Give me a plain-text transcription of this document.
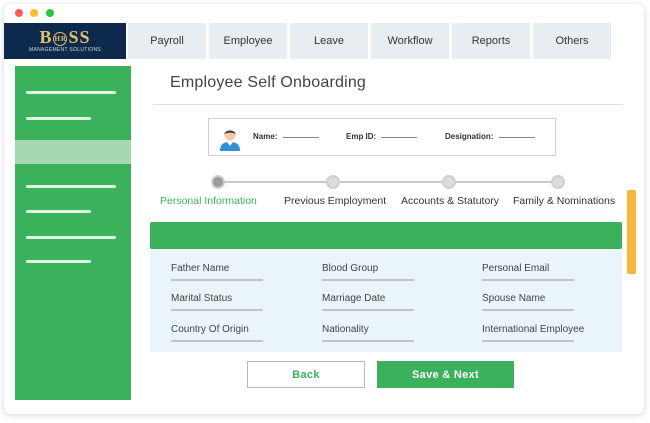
B HRSS
MANAGEMENT SOLUTIONS
Payroll	Employee	Leave	Workflow	Reports	Others
Employee Self Onboarding
Name:	Emp ID:	Designation:
Personal Information	Previous Employment Accounts & Statutory Family & Nominations
Father Name	Blood Group	Personal Email
Marital Status	Marriage Date	Spouse Name
Country Of Origin	Nationality	International Employee
Back	Save & Next
